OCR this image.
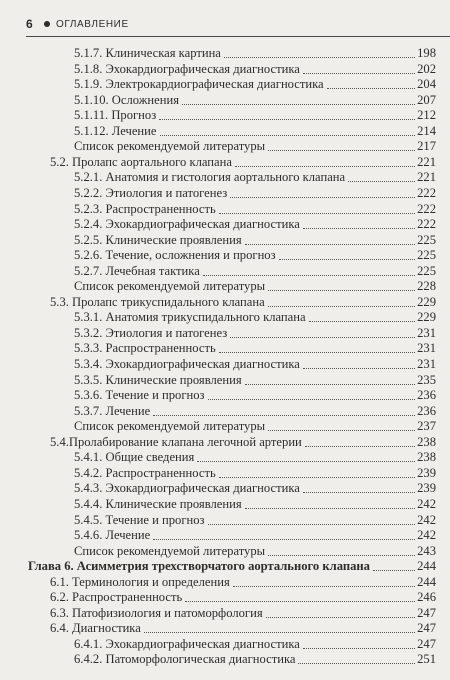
6	ОГЛАВЛЕНИЕ
5.1.7. Клиническая картина	198
5.1.8. Эхокардиографическая диагностика	202
5.1.9. Электрокардиографическая диагностика	204
5.1.10. Осложнения	207
5.1.11. Прогноз	212
5.1.12. Лечение	214
Список рекомендуемой литературы	217
5.2. Пролапс аортального клапана	221
5.2.1. Анатомия и гистология аортального клапана	221
5.2.2. Этиология и патогенез	222
5.2.3. Распространенность	222
5.2.4. Эхокардиографическая диагностика	222
5.2.5. Клинические проявления	225
5.2.6. Течение, осложнения и прогноз	225
5.2.7. Лечебная тактика	225
Список рекомендуемой литературы	228
5.3. Пролапс трикуспидального клапана	229
5.3.1. Анатомия трикуспидального клапана	229
5.3.2. Этиология и патогенез	231
5.3.3. Распространенность	231
5.3.4. Эхокардиографическая диагностика	231
5.3.5. Клинические проявления	235
5.3.6. Течение и прогноз	236
5.3.7. Лечение	236
Список рекомендуемой литературы	237
5.4.Пролабирование клапана легочной артерии	238
5.4.1. Общие сведения	238
5.4.2. Распространенность	239
5.4.3. Эхокардиографическая диагностика	239
5.4.4. Клинические проявления	242
5.4.5. Течение и прогноз	242
5.4.6. Лечение	242
Список рекомендуемой литературы	243
Глава 6. Асимметрия трехстворчатого аортального клапана	244
6.1. Терминология и определения	244
6.2. Распространенность	246
6.3. Патофизиология и патоморфология	247
6.4. Диагностика	247
6.4.1. Эхокардиографическая диагностика	247
6.4.2. Патоморфологическая диагностика	251
